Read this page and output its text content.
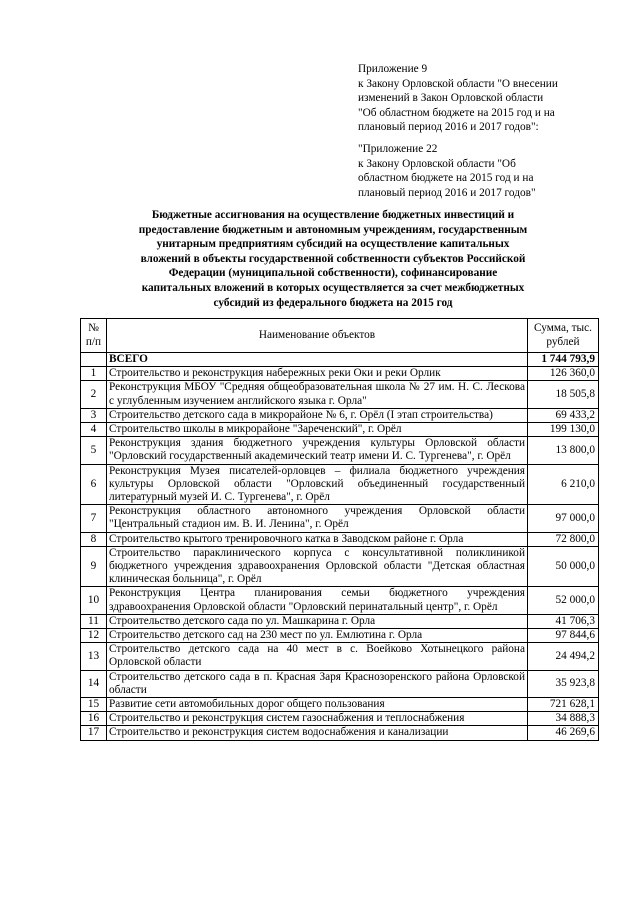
Приложение 9

к Закону Орловской области "О внесении

изменений в Закон Орловской области

"Об областном бюджете на 2015 год и на

плановый период 2016 и 2017 годов":

"Приложение 22

к Закону Орловской области "Об

областном бюджете на 2015 год и на

плановый период 2016 и 2017 годов"

Бюджетные ассигнования на осуществление бюджетных инвестиций и
предоставление бюджетным и автономным учреждениям, государственным
унитарным предприятиям субсидий на осуществление капитальных
вложений в объекты государственной собственности субъектов Российской
Федерации (муниципальной собственности), софинансирование
капитальных вложений в которых осуществляется за счет межбюджетных
субсидий из федерального бюджета на 2015 год
№ п/п	Наименование объектов	Сумма, тыс. рублей
	ВСЕГО	1 744 793,9
1	Строительство и реконструкция набережных реки Оки и реки Орлик	126 360,0
2	Реконструкция МБОУ "Средняя общеобразовательная школа № 27 им. Н. С. Лескова с углубленным изучением английского языка г. Орла"	18 505,8
3	Строительство детского сада в микрорайоне № 6, г. Орёл (I этап строительства)	69 433,2
4	Строительство школы в микрорайоне "Зареченский", г. Орёл	199 130,0
5	Реконструкция здания бюджетного учреждения культуры Орловской области "Орловский государственный академический театр имени И. С. Тургенева", г. Орёл	13 800,0
6	Реконструкция Музея писателей-орловцев – филиала бюджетного учреждения культуры Орловской области "Орловский объединенный государственный литературный музей И. С. Тургенева", г. Орёл	6 210,0
7	Реконструкция областного автономного учреждения Орловской области "Центральный стадион им. В. И. Ленина", г. Орёл	97 000,0
8	Строительство крытого тренировочного катка в Заводском районе г. Орла	72 800,0
9	Строительство параклинического корпуса с консультативной поликлиникой бюджетного учреждения здравоохранения Орловской области "Детская областная клиническая больница", г. Орёл	50 000,0
10	Реконструкция Центра планирования семьи бюджетного учреждения здравоохранения Орловской области "Орловский перинатальный центр", г. Орёл	52 000,0
11	Строительство детского сада по ул. Машкарина г. Орла	41 706,3
12	Строительство детского сад на 230 мест по ул. Емлютина г. Орла	97 844,6
13	Строительство детского сада на 40 мест в с. Воейково Хотынецкого района Орловской области	24 494,2
14	Строительство детского сада в п. Красная Заря Краснозоренского района Орловской области	35 923,8
15	Развитие сети автомобильных дорог общего пользования	721 628,1
16	Строительство и реконструкция систем газоснабжения и теплоснабжения	34 888,3
17	Строительство и реконструкция систем водоснабжения и канализации	46 269,6
